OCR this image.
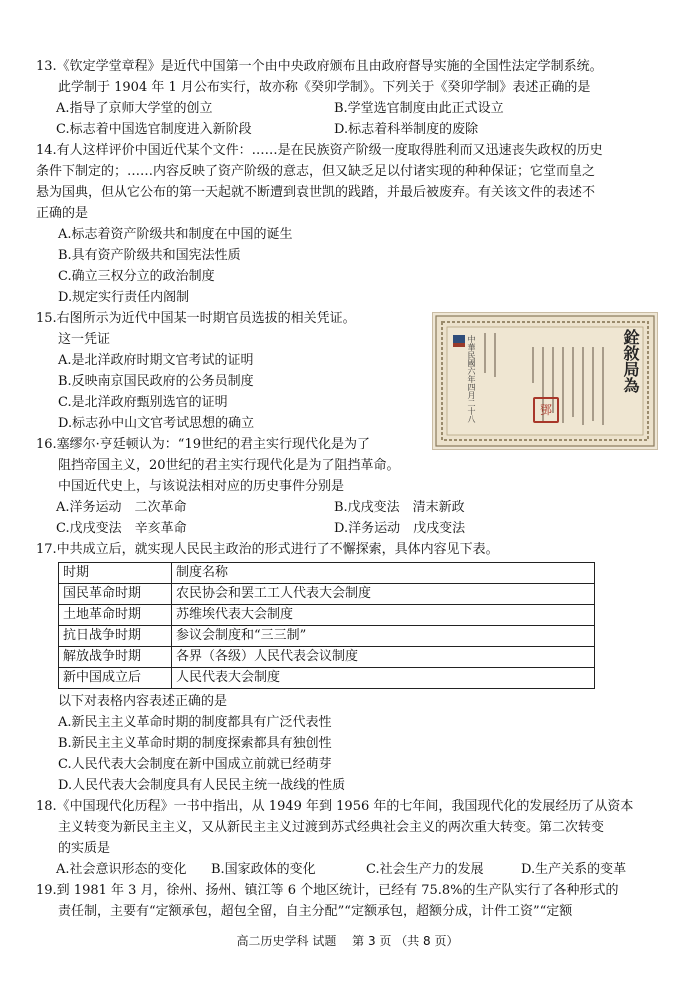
13.《钦定学堂章程》是近代中国第一个由中央政府颁布且由政府督导实施的全国性法定学制系统。
此学制于 1904 年 1 月公布实行，故亦称《癸卯学制》。下列关于《癸卯学制》表述正确的是
A.指导了京师大学堂的创立	B.学堂选官制度由此正式设立
C.标志着中国选官制度进入新阶段	D.标志着科举制度的废除
14.有人这样评价中国近代某个文件：……是在民族资产阶级一度取得胜利而又迅速丧失政权的历史
条件下制定的；……内容反映了资产阶级的意志，但又缺乏足以付诸实现的种种保证；它堂而皇之
悬为国典，但从它公布的第一天起就不断遭到袁世凯的践踏，并最后被废弃。有关该文件的表述不
正确的是
A.标志着资产阶级共和制度在中国的诞生
B.具有资产阶级共和国宪法性质
C.确立三权分立的政治制度
D.规定实行责任内阁制
15.右图所示为近代中国某一时期官员选拔的相关凭证。
这一凭证
A.是北洋政府时期文官考试的证明
B.反映南京国民政府的公务员制度
C.是北洋政府甄别选官的证明
D.标志孙中山文官考试思想的确立
16.塞缪尔·亨廷顿认为：“19世纪的君主实行现代化是为了
阻挡帝国主义，20世纪的君主实行现代化是为了阻挡革命。
中国近代史上，与该说法相对应的历史事件分别是
A.洋务运动　二次革命	B.戊戌变法　清末新政
C.戊戌变法　辛亥革命	D.洋务运动　戊戌变法
17.中共成立后，就实现人民民主政治的形式进行了不懈探索，具体内容见下表。
时期	制度名称
国民革命时期	农民协会和罢工工人代表大会制度
土地革命时期	苏维埃代表大会制度
抗日战争时期	参议会制度和“三三制”
解放战争时期	各界（各级）人民代表会议制度
新中国成立后	人民代表大会制度
以下对表格内容表述正确的是
A.新民主主义革命时期的制度都具有广泛代表性
B.新民主主义革命时期的制度探索都具有独创性
C.人民代表大会制度在新中国成立前就已经萌芽
D.人民代表大会制度具有人民民主统一战线的性质
18.《中国现代化历程》一书中指出，从 1949 年到 1956 年的七年间，我国现代化的发展经历了从资本
主义转变为新民主主义，又从新民主主义过渡到苏式经典社会主义的两次重大转变。第二次转变
的实质是
A.社会意识形态的变化	B.国家政体的变化	C.社会生产力的发展	D.生产关系的变革
19.到 1981 年 3 月，徐州、扬州、镇江等 6 个地区统计，已经有 75.8%的生产队实行了各种形式的
责任制，主要有“定额承包，超包全留，自主分配”“定额承包，超额分成，计件工资”“定额
銓敘局為
中華民國六年四月二十八	鄧
高二历史学科 试题　 第 3 页 （共 8 页）
